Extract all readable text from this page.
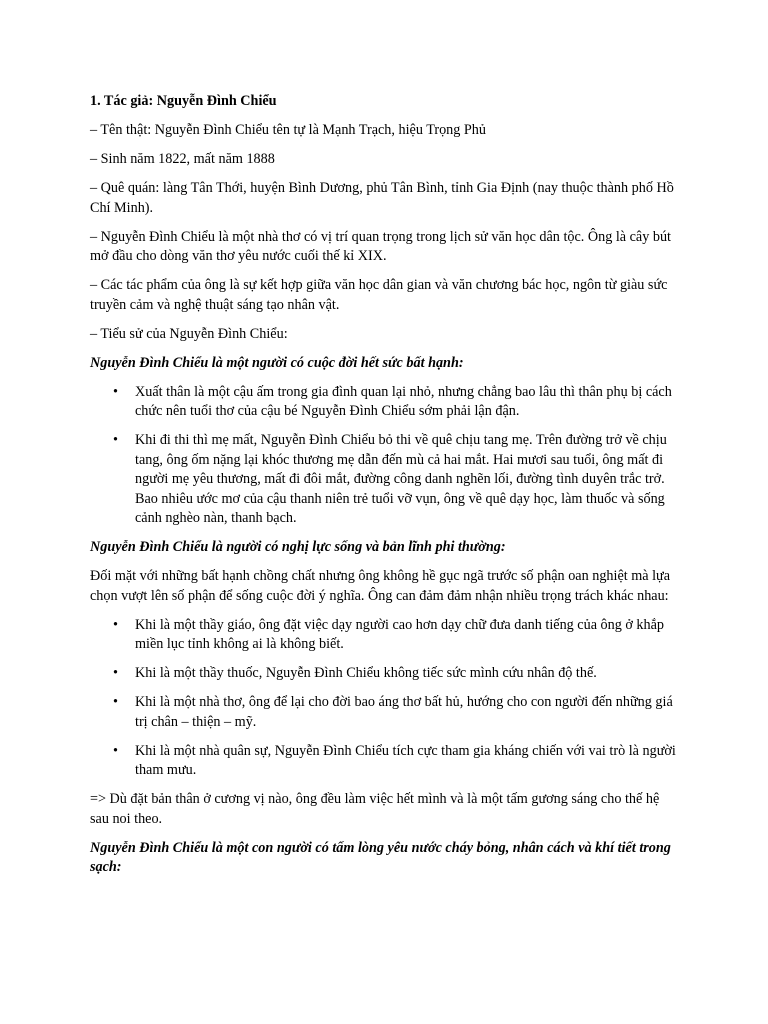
1. Tác giả: Nguyễn Đình Chiểu

– Tên thật: Nguyễn Đình Chiểu tên tự là Mạnh Trạch, hiệu Trọng Phủ

– Sinh năm 1822, mất năm 1888

– Quê quán: làng Tân Thới, huyện Bình Dương, phủ Tân Bình, tỉnh Gia Định (nay thuộc thành phố Hồ Chí Minh).

– Nguyễn Đình Chiểu là một nhà thơ có vị trí quan trọng trong lịch sử văn học dân tộc. Ông là cây bút mở đầu cho dòng văn thơ yêu nước cuối thế kỉ XIX.

– Các tác phẩm của ông là sự kết hợp giữa văn học dân gian và văn chương bác học, ngôn từ giàu sức truyền cảm và nghệ thuật sáng tạo nhân vật.

– Tiểu sử của Nguyễn Đình Chiểu:

Nguyễn Đình Chiểu là một người có cuộc đời hết sức bất hạnh:

• Xuất thân là một cậu ấm trong gia đình quan lại nhỏ, nhưng chẳng bao lâu thì thân phụ bị cách chức nên tuổi thơ của cậu bé Nguyễn Đình Chiểu sớm phải lận đận.
• Khi đi thi thì mẹ mất, Nguyễn Đình Chiểu bỏ thi về quê chịu tang mẹ. Trên đường trở về chịu tang, ông ốm nặng lại khóc thương mẹ dẫn đến mù cả hai mắt. Hai mươi sau tuổi, ông mất đi người mẹ yêu thương, mất đi đôi mắt, đường công danh nghẽn lối, đường tình duyên trắc trở. Bao nhiêu ước mơ của cậu thanh niên trẻ tuổi vỡ vụn, ông về quê dạy học, làm thuốc và sống cảnh nghèo nàn, thanh bạch.

Nguyễn Đình Chiểu là người có nghị lực sống và bản lĩnh phi thường:

Đối mặt với những bất hạnh chồng chất nhưng ông không hề gục ngã trước số phận oan nghiệt mà lựa chọn vượt lên số phận để sống cuộc đời ý nghĩa. Ông can đảm đảm nhận nhiều trọng trách khác nhau:

• Khi là một thầy giáo, ông đặt việc dạy người cao hơn dạy chữ đưa danh tiếng của ông ở khắp miền lục tỉnh không ai là không biết.
• Khi là một thầy thuốc, Nguyễn Đình Chiểu không tiếc sức mình cứu nhân độ thế.
• Khi là một nhà thơ, ông để lại cho đời bao áng thơ bất hủ, hướng cho con người đến những giá trị chân – thiện – mỹ.
• Khi là một nhà quân sự, Nguyễn Đình Chiểu tích cực tham gia kháng chiến với vai trò là người tham mưu.

=> Dù đặt bản thân ở cương vị nào, ông đều làm việc hết mình và là một tấm gương sáng cho thế hệ sau noi theo.

Nguyễn Đình Chiểu là một con người có tấm lòng yêu nước cháy bỏng, nhân cách và khí tiết trong sạch:
